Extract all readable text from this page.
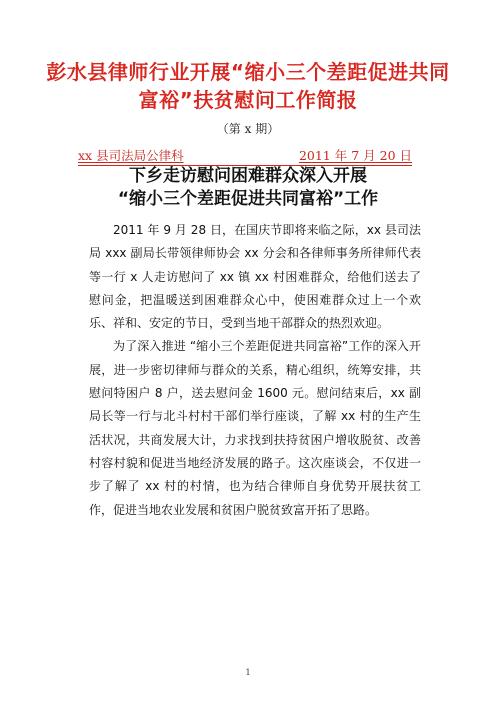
彭水县律师行业开展“缩小三个差距促进共同富裕”扶贫慰问工作简报
（第 x 期）
xx 县司法局公律科	2011 年 7 月 20 日
下乡走访慰问困难群众深入开展
“缩小三个差距促进共同富裕”工作

2011 年 9 月 28 日，在国庆节即将来临之际，xx 县司法局 xxx 副局长带领律师协会 xx 分会和各律师事务所律师代表等一行 x 人走访慰问了 xx 镇 xx 村困难群众，给他们送去了慰问金，把温暖送到困难群众心中，使困难群众过上一个欢乐、祥和、安定的节日，受到当地干部群众的热烈欢迎。

为了深入推进 “缩小三个差距促进共同富裕”工作的深入开展，进一步密切律师与群众的关系，精心组织，统筹安排，共慰问特困户 8 户，送去慰问金 1600 元。慰问结束后，xx 副局长等一行与北斗村村干部们举行座谈，了解 xx 村的生产生活状况，共商发展大计，力求找到扶持贫困户增收脱贫、改善村容村貌和促进当地经济发展的路子。这次座谈会，不仅进一步了解了 xx 村的村情，也为结合律师自身优势开展扶贫工作，促进当地农业发展和贫困户脱贫致富开拓了思路。

1
